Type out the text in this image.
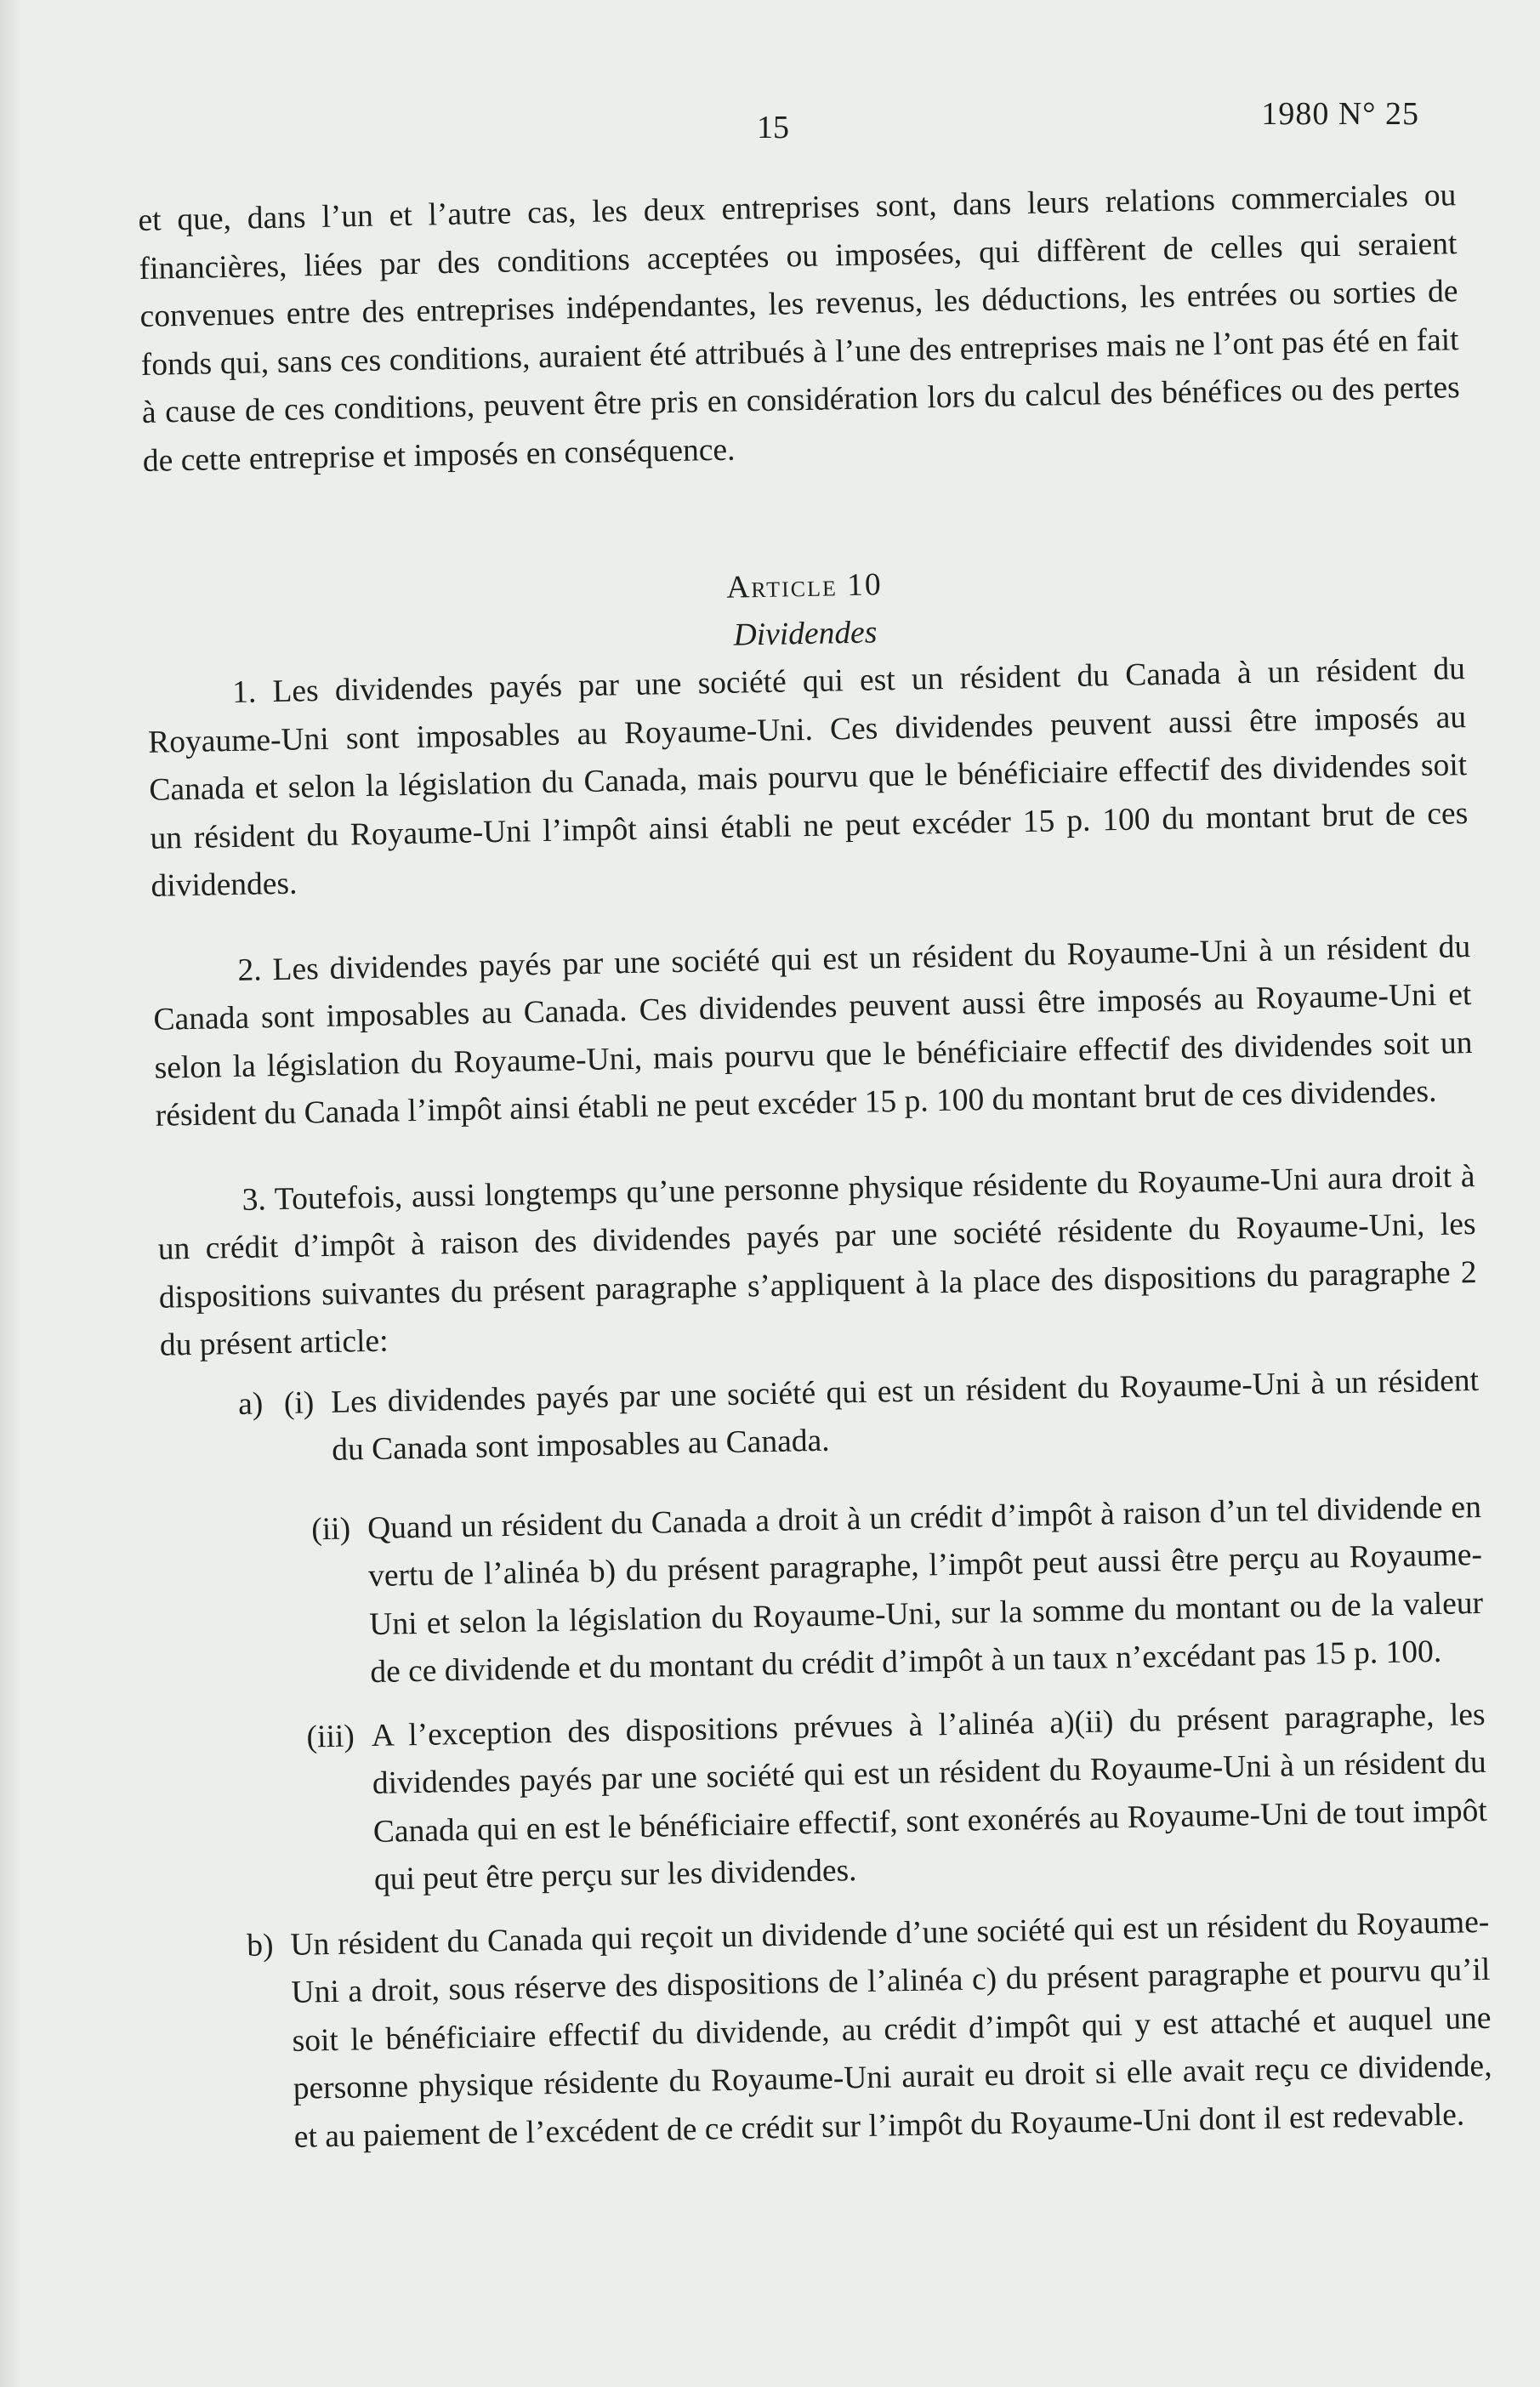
15	1980 N° 25

et que, dans l’un et l’autre cas, les deux entreprises sont, dans leurs relations commerciales ou financières, liées par des conditions acceptées ou imposées, qui diffèrent de celles qui seraient convenues entre des entreprises indépendantes, les revenus, les déductions, les entrées ou sorties de fonds qui, sans ces conditions, auraient été attribués à l’une des entreprises mais ne l’ont pas été en fait à cause de ces conditions, peuvent être pris en considération lors du calcul des bénéfices ou des pertes de cette entreprise et imposés en conséquence.

Article 10

Dividendes

1. Les dividendes payés par une société qui est un résident du Canada à un résident du Royaume-Uni sont imposables au Royaume-Uni. Ces dividendes peuvent aussi être imposés au Canada et selon la législation du Canada, mais pourvu que le bénéficiaire effectif des dividendes soit un résident du Royaume-Uni l’impôt ainsi établi ne peut excéder 15 p. 100 du montant brut de ces dividendes.

2. Les dividendes payés par une société qui est un résident du Royaume-Uni à un résident du Canada sont imposables au Canada. Ces dividendes peuvent aussi être imposés au Royaume-Uni et selon la législation du Royaume-Uni, mais pourvu que le bénéficiaire effectif des dividendes soit un résident du Canada l’impôt ainsi établi ne peut excéder 15 p. 100 du montant brut de ces dividendes.

3. Toutefois, aussi longtemps qu’une personne physique résidente du Royaume-Uni aura droit à un crédit d’impôt à raison des dividendes payés par une société résidente du Royaume-Uni, les dispositions suivantes du présent paragraphe s’appliquent à la place des dispositions du paragraphe 2 du présent article:

a) (i) Les dividendes payés par une société qui est un résident du Royaume-Uni à un résident du Canada sont imposables au Canada.
(ii) Quand un résident du Canada a droit à un crédit d’impôt à raison d’un tel dividende en vertu de l’alinéa b) du présent paragraphe, l’impôt peut aussi être perçu au Royaume-Uni et selon la législation du Royaume-Uni, sur la somme du montant ou de la valeur de ce dividende et du montant du crédit d’impôt à un taux n’excédant pas 15 p. 100.
(iii) A l’exception des dispositions prévues à l’alinéa a)(ii) du présent paragraphe, les dividendes payés par une société qui est un résident du Royaume-Uni à un résident du Canada qui en est le bénéficiaire effectif, sont exonérés au Royaume-Uni de tout impôt qui peut être perçu sur les dividendes.
b) Un résident du Canada qui reçoit un dividende d’une société qui est un résident du Royaume-Uni a droit, sous réserve des dispositions de l’alinéa c) du présent paragraphe et pourvu qu’il soit le bénéficiaire effectif du dividende, au crédit d’impôt qui y est attaché et auquel une personne physique résidente du Royaume-Uni aurait eu droit si elle avait reçu ce dividende, et au paiement de l’excédent de ce crédit sur l’impôt du Royaume-Uni dont il est redevable.
